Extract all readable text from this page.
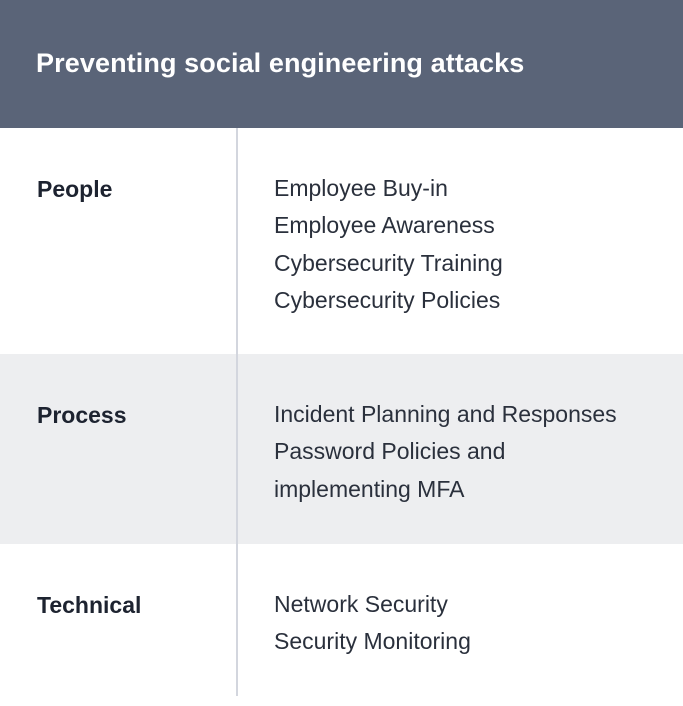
Preventing social engineering attacks
People	Employee Buy-in
Employee Awareness
Cybersecurity Training
Cybersecurity Policies
Process	Incident Planning and Responses
Password Policies and
implementing MFA
Technical	Network Security
Security Monitoring
